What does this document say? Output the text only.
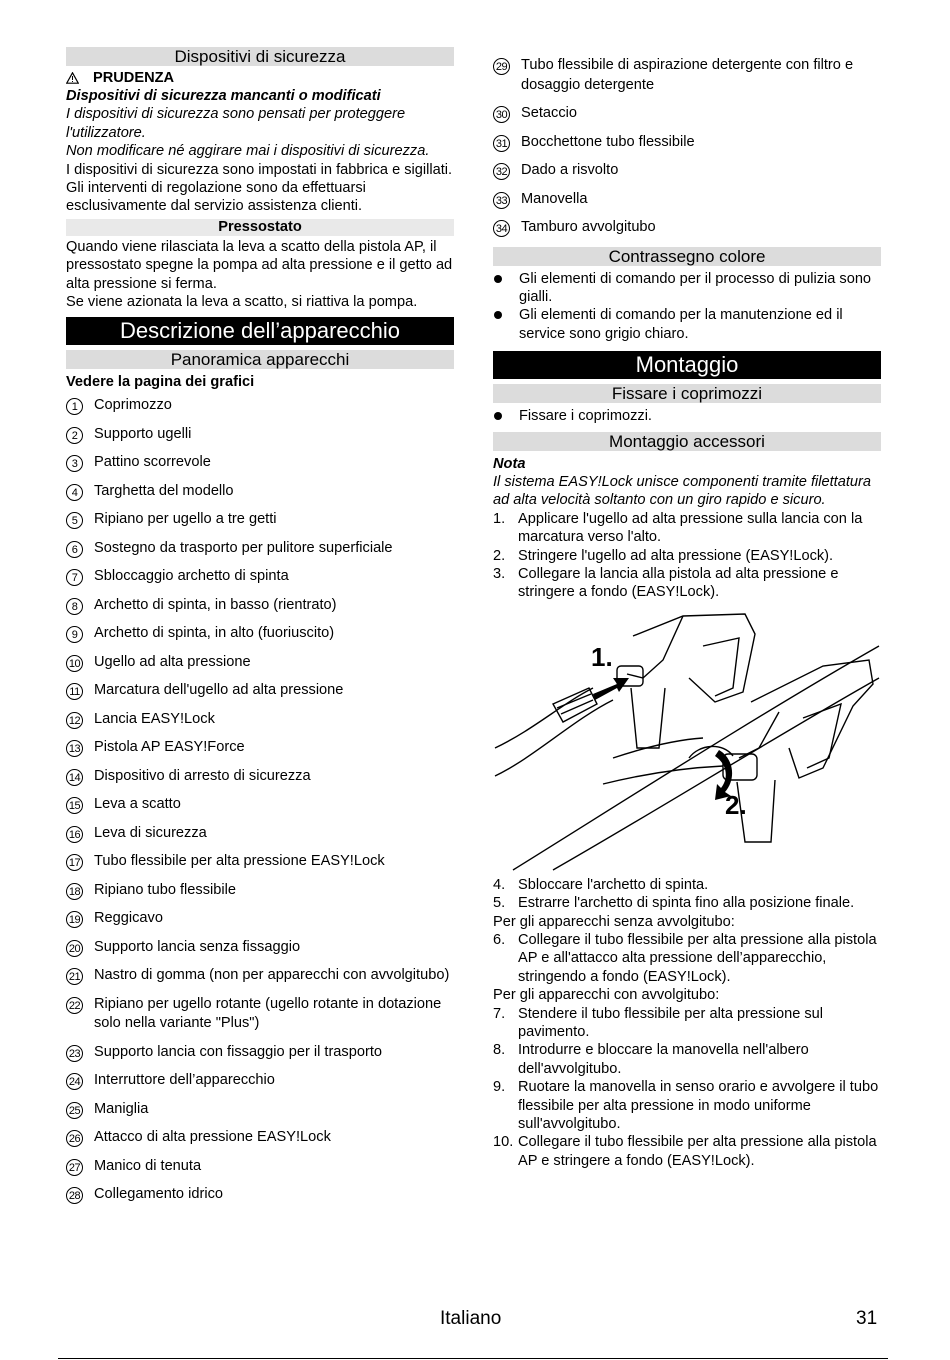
Dispositivi di sicurezza
PRUDENZA

Dispositivi di sicurezza mancanti o modificati

I dispositivi di sicurezza sono pensati per proteggere l'utilizzatore.

Non modificare né aggirare mai i dispositivi di sicurezza.

I dispositivi di sicurezza sono impostati in fabbrica e sigillati. Gli interventi di regolazione sono da effettuarsi esclusivamente dal servizio assistenza clienti.

Pressostato

Quando viene rilasciata la leva a scatto della pistola AP, il pressostato spegne la pompa ad alta pressione e il getto ad alta pressione si ferma.

Se viene azionata la leva a scatto, si riattiva la pompa.

Descrizione dell’apparecchio
Panoramica apparecchi

Vedere la pagina dei grafici

1	Coprimozzo
2	Supporto ugelli
3	Pattino scorrevole
4	Targhetta del modello
5	Ripiano per ugello a tre getti
6	Sostegno da trasporto per pulitore superficiale
7	Sbloccaggio archetto di spinta
8	Archetto di spinta, in basso (rientrato)
9	Archetto di spinta, in alto (fuoriuscito)
10 Ugello ad alta pressione
11 Marcatura dell'ugello ad alta pressione
12 Lancia EASY!Lock
13 Pistola AP EASY!Force
14 Dispositivo di arresto di sicurezza
15 Leva a scatto
16 Leva di sicurezza
17 Tubo flessibile per alta pressione EASY!Lock
18 Ripiano tubo flessibile
19 Reggicavo
20 Supporto lancia senza fissaggio
21 Nastro di gomma (non per apparecchi con avvolgitubo)
22 Ripiano per ugello rotante (ugello rotante in dotazione solo nella variante "Plus")
23 Supporto lancia con fissaggio per il trasporto
24 Interruttore dell’apparecchio
25 Maniglia
26 Attacco di alta pressione EASY!Lock
27 Manico di tenuta
28 Collegamento idrico
29 Tubo flessibile di aspirazione detergente con filtro e dosaggio detergente
30 Setaccio
31 Bocchettone tubo flessibile
32 Dado a risvolto
33 Manovella
34 Tamburo avvolgitubo
Contrassegno colore
Gli elementi di comando per il processo di pulizia sono gialli.
Gli elementi di comando per la manutenzione ed il service sono grigio chiaro.
Montaggio
Fissare i coprimozzi
Fissare i coprimozzi.
Montaggio accessori

Nota

Il sistema EASY!Lock unisce componenti tramite filettatura ad alta velocità soltanto con un giro rapido e sicuro.

1. Applicare l'ugello ad alta pressione sulla lancia con la marcatura verso l'alto.
2. Stringere l'ugello ad alta pressione (EASY!Lock).
3. Collegare la lancia alla pistola ad alta pressione e stringere a fondo (EASY!Lock).
1.
2.
4. Sbloccare l'archetto di spinta.
5. Estrarre l'archetto di spinta fino alla posizione finale.

Per gli apparecchi senza avvolgitubo:

6. Collegare il tubo flessibile per alta pressione alla pistola AP e all'attacco alta pressione dell’apparecchio, stringendo a fondo (EASY!Lock).

Per gli apparecchi con avvolgitubo:

7. Stendere il tubo flessibile per alta pressione sul pavimento.
8. Introdurre e bloccare la manovella nell'albero dell'avvolgitubo.
9. Ruotare la manovella in senso orario e avvolgere il tubo flessibile per alta pressione in modo uniforme sull'avvolgitubo.
10. Collegare il tubo flessibile per alta pressione alla pistola AP e stringere a fondo (EASY!Lock).
Italiano	31
